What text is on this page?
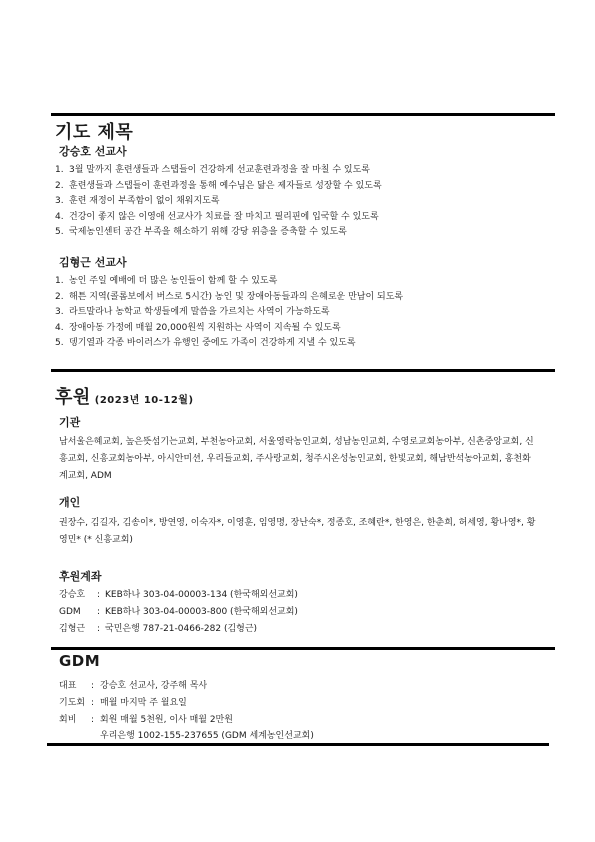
기도 제목
강승호 선교사
1. 3월 말까지 훈련생들과 스탭들이 건강하게 선교훈련과정을 잘 마칠 수 있도록
2. 훈련생들과 스탭들이 훈련과정을 통해 예수님은 닮은 제자들로 성장할 수 있도록
3. 훈련 재정이 부족함이 없이 채워지도록
4. 건강이 좋지 않은 이영애 선교사가 치료를 잘 마치고 필리핀에 입국할 수 있도록
5. 국제농인센터 공간 부족을 해소하기 위해 강당 위층을 증축할 수 있도록
김형근 선교사
1. 농인 주일 예배에 더 많은 농인들이 함께 할 수 있도록
2. 해튼 지역(콜롬보에서 버스로 5시간) 농인 및 장애아동들과의 은혜로운 만남이 되도록
3. 라트말라나 농학교 학생들에게 말씀을 가르치는 사역이 가능하도록
4. 장애아동 가정에 매월 20,000원씩 지원하는 사역이 지속될 수 있도록
5. 뎅기열과 각종 바이러스가 유행인 중에도 가족이 건강하게 지낼 수 있도록
후원 (2023년 10-12월)
기관
남서울은혜교회, 높은뜻섬기는교회, 부천농아교회, 서울영락농인교회, 성남농인교회, 수영로교회농아부, 신촌중앙교회, 신흥교회, 신흥교회농아부, 아시안미션, 우리들교회, 주사랑교회, 청주시온성농인교회, 한빛교회, 해남반석농아교회, 홍천화계교회, ADM
개인
권장수, 김길자, 김송이*, 방연영, 이숙자*, 이영훈, 임영명, 장난숙*, 정종호, 조혜란*, 한영은, 한춘희, 허세영, 황나영*, 황영민* (* 신흥교회)
후원계좌
강승호 : KEB하나 303-04-00003-134 (한국해외선교회)
GDM : KEB하나 303-04-00003-800 (한국해외선교회)
김형근 : 국민은행 787-21-0466-282 (김형근)
GDM
대표 : 강승호 선교사, 강주해 목사
기도회 : 매월 마지막 주 월요일
회비 : 회원 매월 5천원, 이사 매월 2만원
우리은행 1002-155-237655 (GDM 세계농인선교회)
